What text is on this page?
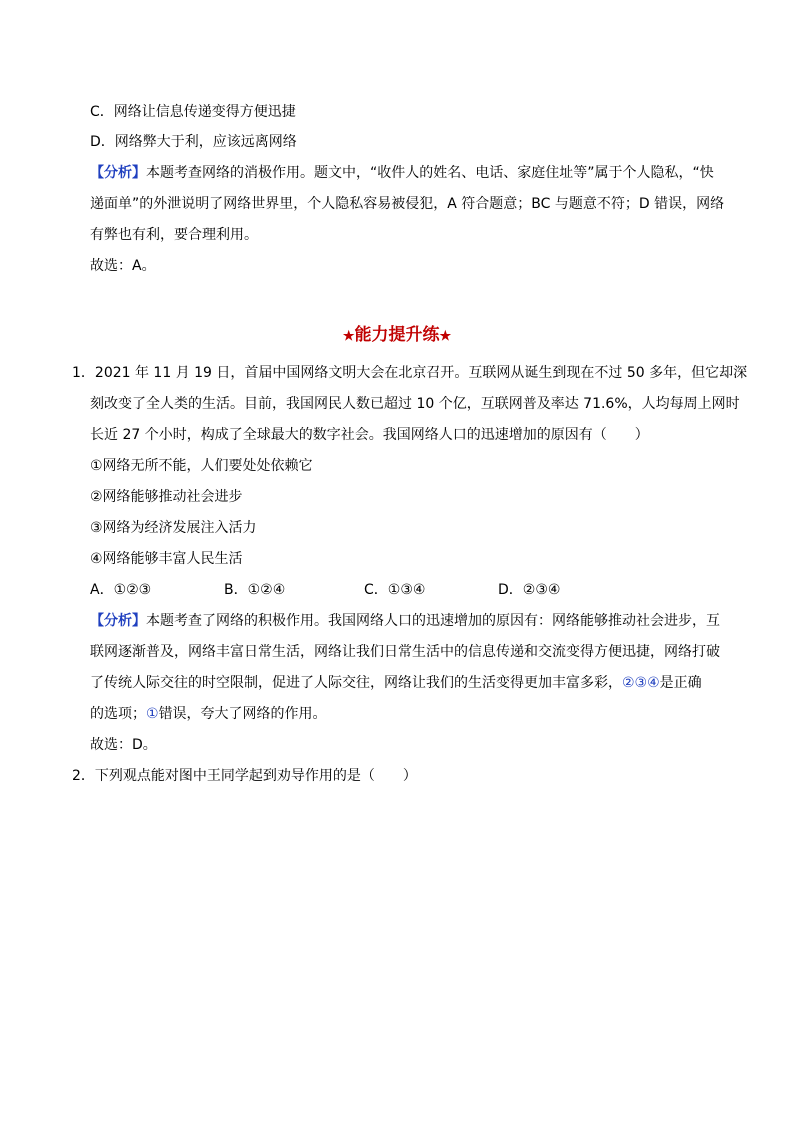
C．网络让信息传递变得方便迅捷
D．网络弊大于利，应该远离网络
【分析】本题考查网络的消极作用。题文中，“收件人的姓名、电话、家庭住址等”属于个人隐私，“快
递面单”的外泄说明了网络世界里，个人隐私容易被侵犯，A 符合题意；BC 与题意不符；D 错误，网络
有弊也有利，要合理利用。
故选：A。
★能力提升练★
1．2021 年 11 月 19 日，首届中国网络文明大会在北京召开。互联网从诞生到现在不过 50 多年，但它却深
刻改变了全人类的生活。目前，我国网民人数已超过 10 个亿，互联网普及率达 71.6%，人均每周上网时
长近 27 个小时，构成了全球最大的数字社会。我国网络人口的迅速增加的原因有（　　）
①网络无所不能，人们要处处依赖它
②网络能够推动社会进步
③网络为经济发展注入活力
④网络能够丰富人民生活
A．①②③	B．①②④	C．①③④	D．②③④
【分析】本题考查了网络的积极作用。我国网络人口的迅速增加的原因有：网络能够推动社会进步，互
联网逐渐普及，网络丰富日常生活，网络让我们日常生活中的信息传递和交流变得方便迅捷，网络打破
了传统人际交往的时空限制，促进了人际交往，网络让我们的生活变得更加丰富多彩，②③④是正确
的选项；①错误，夸大了网络的作用。
故选：D。
2．下列观点能对图中王同学起到劝导作用的是（　　）
